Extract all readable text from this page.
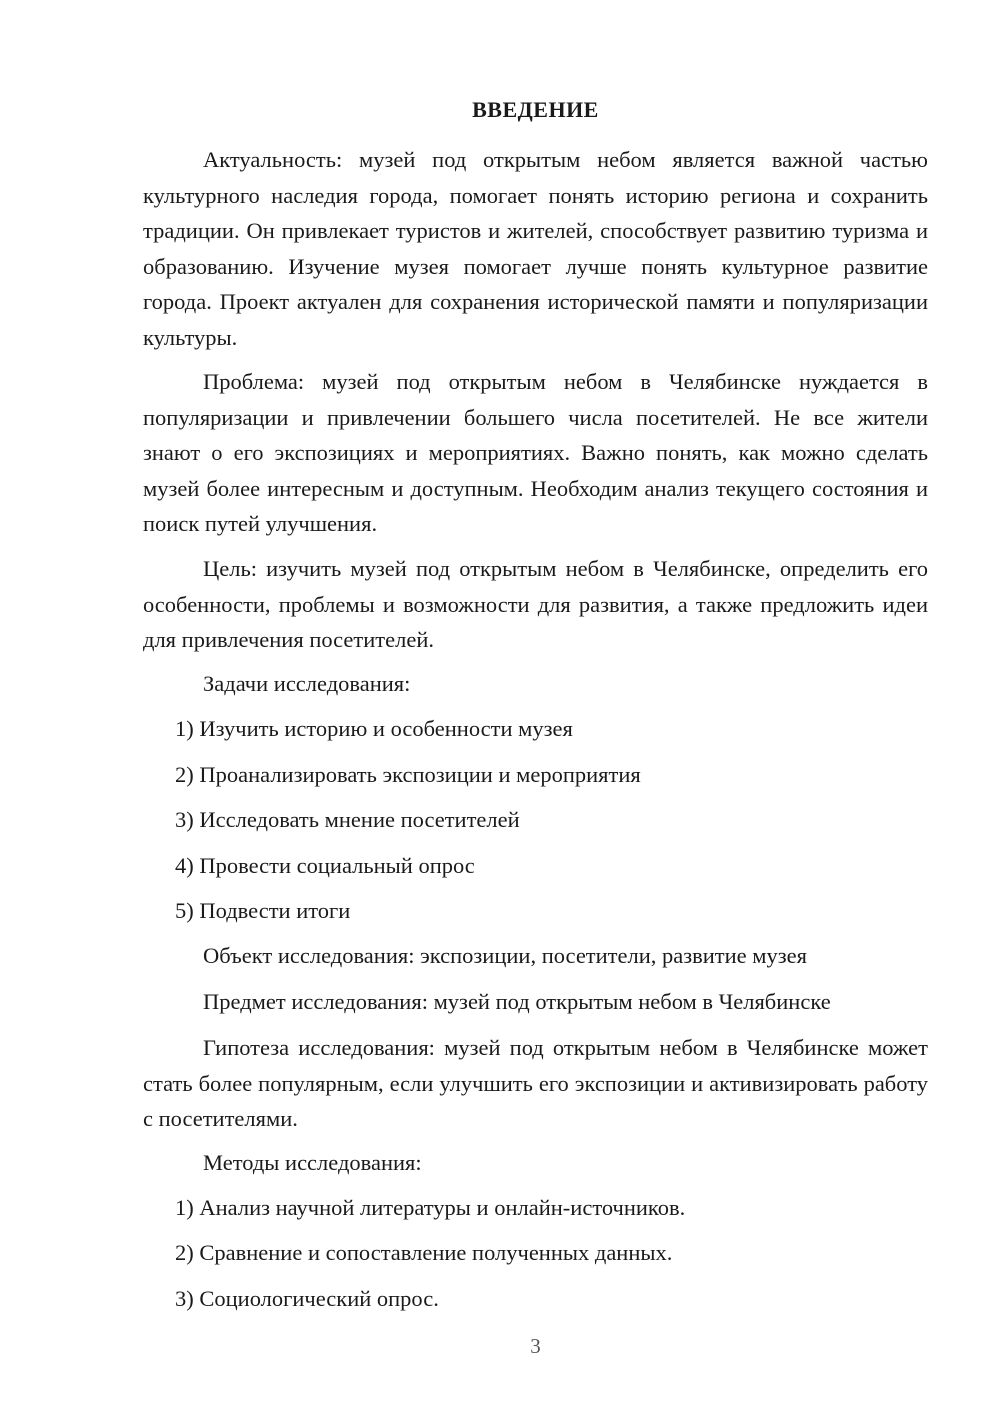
ВВЕДЕНИЕ

Актуальность: музей под открытым небом является важной частью культурного наследия города, помогает понять историю региона и сохранить традиции. Он привлекает туристов и жителей, способствует развитию туризма и образованию. Изучение музея помогает лучше понять культурное развитие города. Проект актуален для сохранения исторической памяти и популяризации культуры.

Проблема: музей под открытым небом в Челябинске нуждается в популяризации и привлечении большего числа посетителей. Не все жители знают о его экспозициях и мероприятиях. Важно понять, как можно сделать музей более интересным и доступным. Необходим анализ текущего состояния и поиск путей улучшения.

Цель: изучить музей под открытым небом в Челябинске, определить его особенности, проблемы и возможности для развития, а также предложить идеи для привлечения посетителей.

Задачи исследования:

1) Изучить историю и особенности музея

2) Проанализировать экспозиции и мероприятия

3) Исследовать мнение посетителей

4) Провести социальный опрос

5) Подвести итоги

Объект исследования: экспозиции, посетители, развитие музея

Предмет исследования: музей под открытым небом в Челябинске

Гипотеза исследования: музей под открытым небом в Челябинске может стать более популярным, если улучшить его экспозиции и активизировать работу с посетителями.

Методы исследования:

1) Анализ научной литературы и онлайн-источников.

2) Сравнение и сопоставление полученных данных.

3) Социологический опрос.

3
